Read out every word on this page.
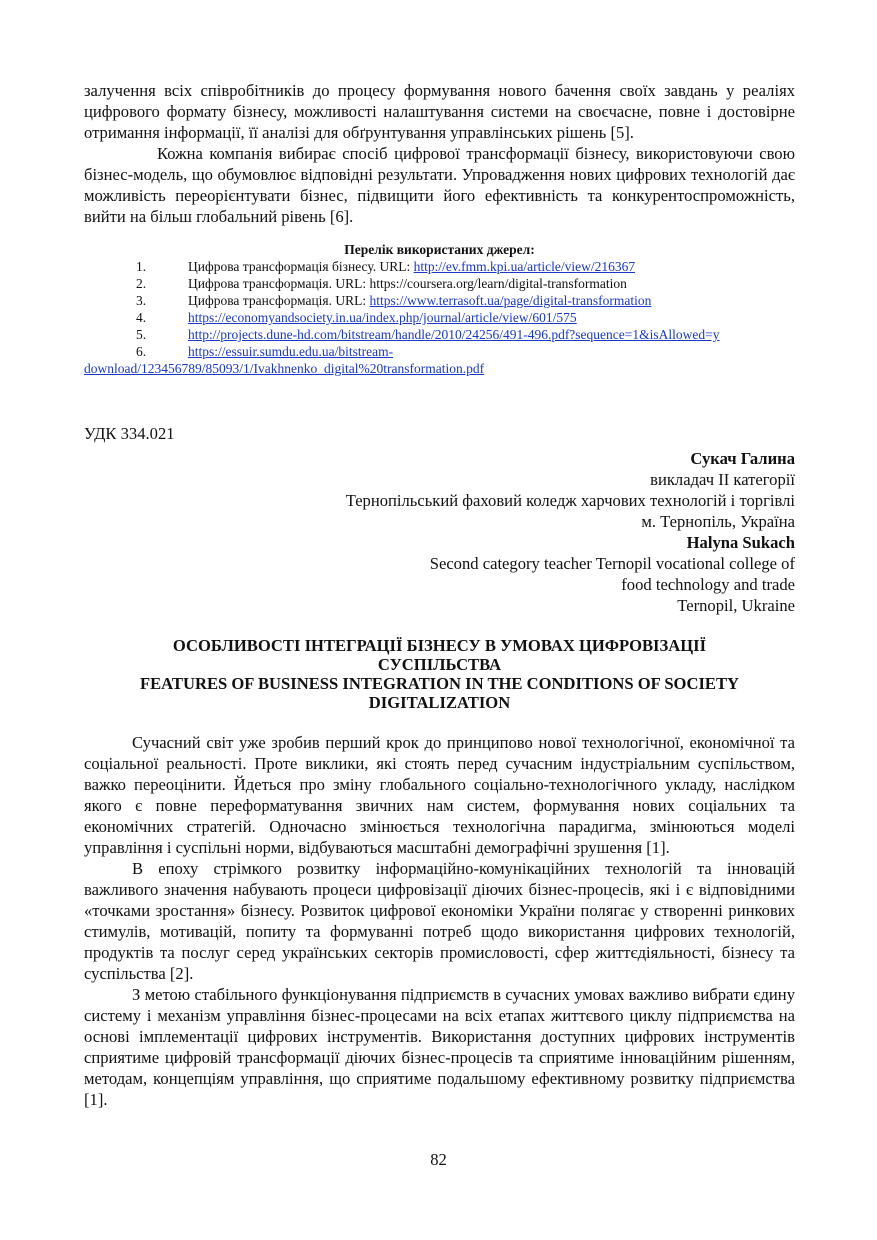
залучення всіх співробітників до процесу формування нового бачення своїх завдань у реаліях цифрового формату бізнесу, можливості налаштування системи на своєчасне, повне і достовірне отримання інформації, її аналізі для обґрунтування управлінських рішень [5].

Кожна компанія вибирає спосіб цифрової трансформації бізнесу, використовуючи свою бізнес-модель, що обумовлює відповідні результати. Упровадження нових цифрових технологій дає можливість переорієнтувати бізнес, підвищити його ефективність та конкурентоспроможність, вийти на більш глобальний рівень [6].

Перелік використаних джерел:
1.	Цифрова трансформація бізнесу. URL: http://ev.fmm.kpi.ua/article/view/216367
2.	Цифрова трансформація. URL: https://coursera.org/learn/digital-transformation
3.	Цифрова трансформація. URL: https://www.terrasoft.ua/page/digital-transformation
4.	https://economyandsociety.in.ua/index.php/journal/article/view/601/575
5.	http://projects.dune-hd.com/bitstream/handle/2010/24256/491-496.pdf?sequence=1&isAllowed=y
6.	https://essuir.sumdu.edu.ua/bitstream-
download/123456789/85093/1/Ivakhnenko_digital%20transformation.pdf
УДК 334.021
Сукач Галина
викладач ІІ категорії
Тернопільський фаховий коледж харчових технологій і торгівлі
м. Тернопіль, Україна
Halyna Sukach
Second category teacher Ternopil vocational college of
food technology and trade
Ternopil, Ukraine
ОСОБЛИВОСТІ ІНТЕГРАЦІЇ БІЗНЕСУ В УМОВАХ ЦИФРОВІЗАЦІЇ СУСПІЛЬСТВА
FEATURES OF BUSINESS INTEGRATION IN THE CONDITIONS OF SOCIETY DIGITALIZATION

Сучасний світ уже зробив перший крок до принципово нової технологічної, економічної та соціальної реальності. Проте виклики, які стоять перед сучасним індустріальним суспільством, важко переоцінити. Йдеться про зміну глобального соціально-технологічного укладу, наслідком якого є повне переформатування звичних нам систем, формування нових соціальних та економічних стратегій. Одночасно змінюється технологічна парадигма, змінюються моделі управління і суспільні норми, відбуваються масштабні демографічні зрушення [1].

В епоху стрімкого розвитку інформаційно-комунікаційних технологій та інновацій важливого значення набувають процеси цифровізації діючих бізнес-процесів, які і є відповідними «точками зростання» бізнесу. Розвиток цифрової економіки України полягає у створенні ринкових стимулів, мотивацій, попиту та формуванні потреб щодо використання цифрових технологій, продуктів та послуг серед українських секторів промисловості, сфер життєдіяльності, бізнесу та суспільства [2].

З метою стабільного функціонування підприємств в сучасних умовах важливо вибрати єдину систему і механізм управління бізнес-процесами на всіх етапах життєвого циклу підприємства на основі імплементації цифрових інструментів. Використання доступних цифрових інструментів сприятиме цифровій трансформації діючих бізнес-процесів та сприятиме інноваційним рішенням, методам, концепціям управління, що сприятиме подальшому ефективному розвитку підприємства [1].

82
